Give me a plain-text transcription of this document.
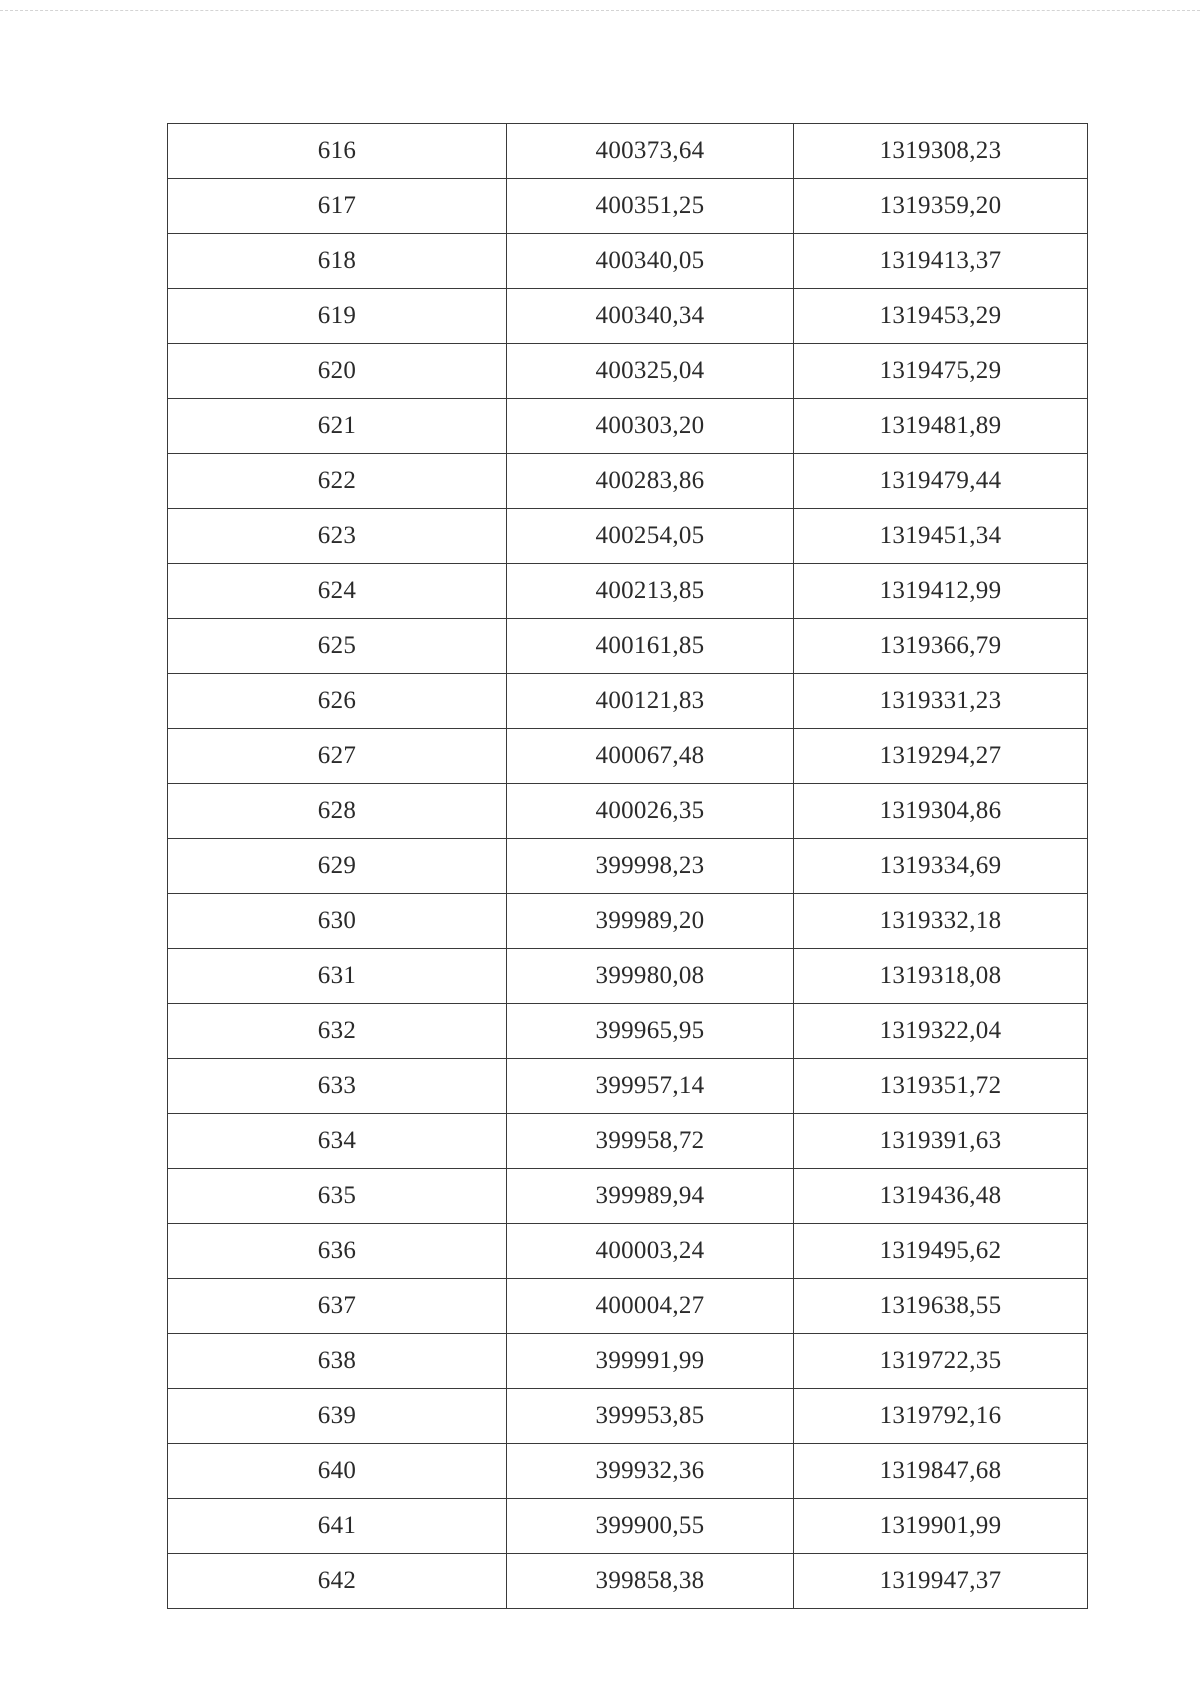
616	400373,64	1319308,23
617	400351,25	1319359,20
618	400340,05	1319413,37
619	400340,34	1319453,29
620	400325,04	1319475,29
621	400303,20	1319481,89
622	400283,86	1319479,44
623	400254,05	1319451,34
624	400213,85	1319412,99
625	400161,85	1319366,79
626	400121,83	1319331,23
627	400067,48	1319294,27
628	400026,35	1319304,86
629	399998,23	1319334,69
630	399989,20	1319332,18
631	399980,08	1319318,08
632	399965,95	1319322,04
633	399957,14	1319351,72
634	399958,72	1319391,63
635	399989,94	1319436,48
636	400003,24	1319495,62
637	400004,27	1319638,55
638	399991,99	1319722,35
639	399953,85	1319792,16
640	399932,36	1319847,68
641	399900,55	1319901,99
642	399858,38	1319947,37
